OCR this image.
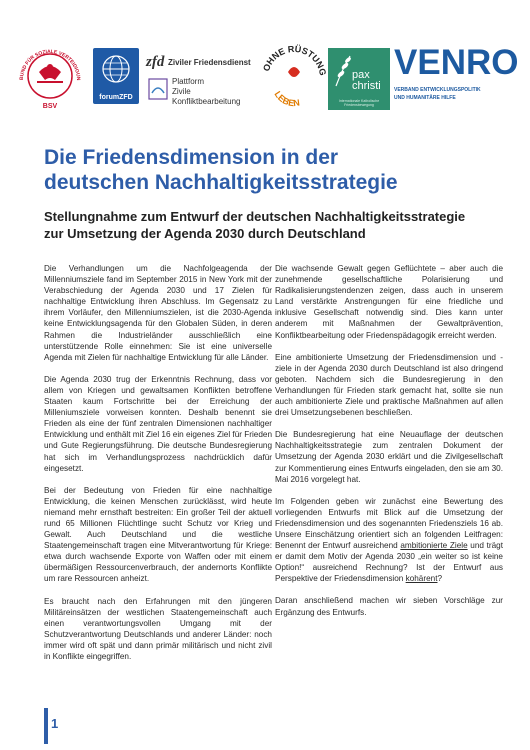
BUND FÜR SOZIALE VERTEIDIGUN
BSV
forumZFD
zfd Ziviler Friedensdienst
Plattform
Zivile
Konfliktbearbeitung
OHNE RÜSTUNG
LEBEN
pax
christi
Internationale Katholische Friedensbewegung
VENRO
VERBAND ENTWICKLUNGSPOLITIK
UND HUMANITÄRE HILFE
Die Friedensdimension in der
deutschen Nachhaltigkeitsstrategie
Stellungnahme zum Entwurf der deutschen Nachhaltigkeitsstrategie
zur Umsetzung der Agenda 2030 durch Deutschland

Die Verhandlungen um die Nachfolgeagenda der Millenniumsziele fand im September 2015 in New York mit der Verabschiedung der Agenda 2030 und 17 Zielen für nachhaltige Entwicklung ihren Abschluss. Im Gegensatz zu ihrem Vorläufer, den Millenniumszielen, ist die 2030-Agenda keine Entwicklungsagenda für den Globalen Süden, in deren Rahmen die Industrieländer ausschließlich eine unterstützende Rolle einnehmen: Sie ist eine universelle Agenda mit Zielen für nachhaltige Entwicklung für alle Länder.

Die Agenda 2030 trug der Erkenntnis Rechnung, dass vor allem von Kriegen und gewaltsamen Konflikten betroffene Staaten kaum Fortschritte bei der Erreichung der Milleniumsziele vorweisen konnten. Deshalb benennt sie Frieden als eine der fünf zentralen Dimensionen nachhaltiger Entwicklung und enthält mit Ziel 16 ein eigenes Ziel für Frieden und Gute Regierungsführung. Die deutsche Bundesregierung hat sich im Verhandlungsprozess nachdrücklich dafür eingesetzt.

Bei der Bedeutung von Frieden für eine nachhaltige Entwicklung, die keinen Menschen zurücklässt, wird heute niemand mehr ernsthaft bestreiten: Ein großer Teil der aktuell rund 65 Millionen Flüchtlinge sucht Schutz vor Krieg und Gewalt. Auch Deutschland und die westliche Staatengemeinschaft tragen eine Mitverantwortung für Kriege: etwa durch wachsende Exporte von Waffen oder mit einem übermäßigen Ressourcenverbrauch, der andernorts Konflikte um rare Ressourcen anheizt.

Es braucht nach den Erfahrungen mit den jüngeren Militäreinsätzen der westlichen Staatengemeinschaft auch einen verantwortungsvollen Umgang mit der Schutzverantwortung Deutschlands und anderer Länder: noch immer wird oft spät und dann primär militärisch und nicht zivil in Konflikte eingegriffen.

Die wachsende Gewalt gegen Geflüchtete – aber auch die zunehmende gesellschaftliche Polarisierung und Radikalisierungstendenzen zeigen, dass auch in unserem Land verstärkte Anstrengungen für eine friedliche und inklusive Gesellschaft notwendig sind. Dies kann unter anderem mit Maßnahmen der Gewaltprävention, Konfliktbearbeitung oder Friedenspädagogik erreicht werden.

Eine ambitionierte Umsetzung der Friedensdimension und -ziele in der Agenda 2030 durch Deutschland ist also dringend geboten. Nachdem sich die Bundesregierung in den Verhandlungen für Frieden stark gemacht hat, sollte sie nun auch ambitionierte Ziele und praktische Maßnahmen auf allen drei Umsetzungsebenen beschließen.

Die Bundesregierung hat eine Neuauflage der deutschen Nachhaltigkeitsstrategie zum zentralen Dokument der Umsetzung der Agenda 2030 erklärt und die Zivilgesellschaft zur Kommentierung eines Entwurfs eingeladen, den sie am 30. Mai 2016 vorgelegt hat.

Im Folgenden geben wir zunächst eine Bewertung des vorliegenden Entwurfs mit Blick auf die Umsetzung der Friedensdimension und des sogenannten Friedensziels 16 ab. Unsere Einschätzung orientiert sich an folgenden Leitfragen: Benennt der Entwurf ausreichend ambitionierte Ziele und trägt er damit dem Motiv der Agenda 2030 „ein weiter so ist keine Option!“ ausreichend Rechnung? Ist der Entwurf aus Perspektive der Friedensdimension kohärent?

Daran anschließend machen wir sieben Vorschläge zur Ergänzung des Entwurfs.

1
